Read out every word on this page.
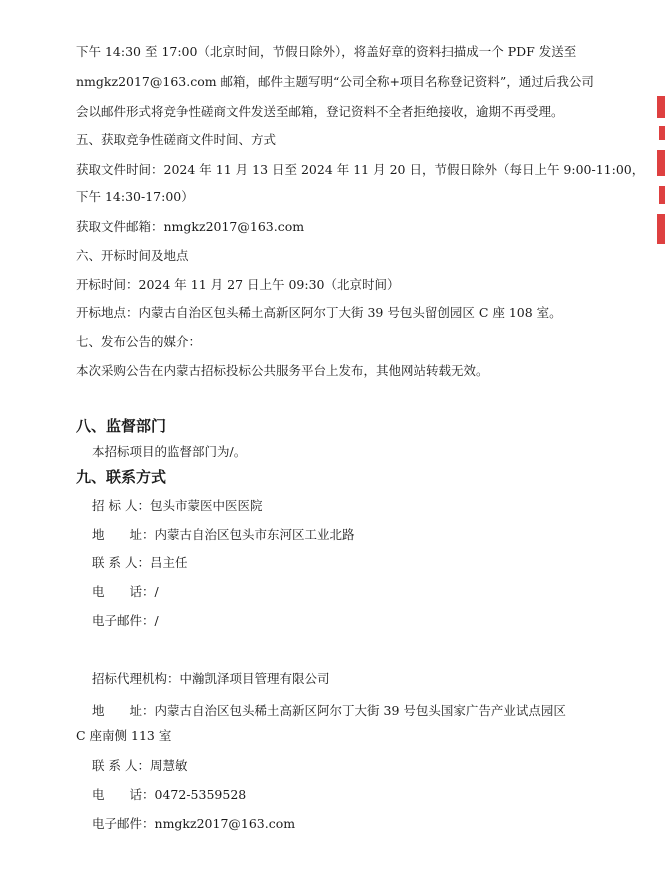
下午 14:30 至 17:00（北京时间，节假日除外），将盖好章的资料扫描成一个 PDF 发送至
nmgkz2017@163.com 邮箱，邮件主题写明“公司全称+项目名称登记资料”，通过后我公司
会以邮件形式将竞争性磋商文件发送至邮箱，登记资料不全者拒绝接收，逾期不再受理。
五、获取竞争性磋商文件时间、方式
获取文件时间：2024 年 11 月 13 日至 2024 年 11 月 20 日，节假日除外（每日上午 9:00-11:00，
下午 14:30-17:00）
获取文件邮箱：nmgkz2017@163.com
六、开标时间及地点
开标时间：2024 年 11 月 27 日上午 09:30（北京时间）
开标地点：内蒙古自治区包头稀土高新区阿尔丁大街 39 号包头留创园区 C 座 108 室。
七、发布公告的媒介：
本次采购公告在内蒙古招标投标公共服务平台上发布，其他网站转载无效。
八、监督部门
本招标项目的监督部门为/。
九、联系方式
招 标 人：包头市蒙医中医医院
地　　址：内蒙古自治区包头市东河区工业北路
联 系 人：吕主任
电　　话：/
电子邮件：/
招标代理机构：中瀚凯泽项目管理有限公司
地　　址：内蒙古自治区包头稀土高新区阿尔丁大街 39 号包头国家广告产业试点园区
C 座南侧 113 室
联 系 人：周慧敏
电　　话：0472-5359528
电子邮件：nmgkz2017@163.com
